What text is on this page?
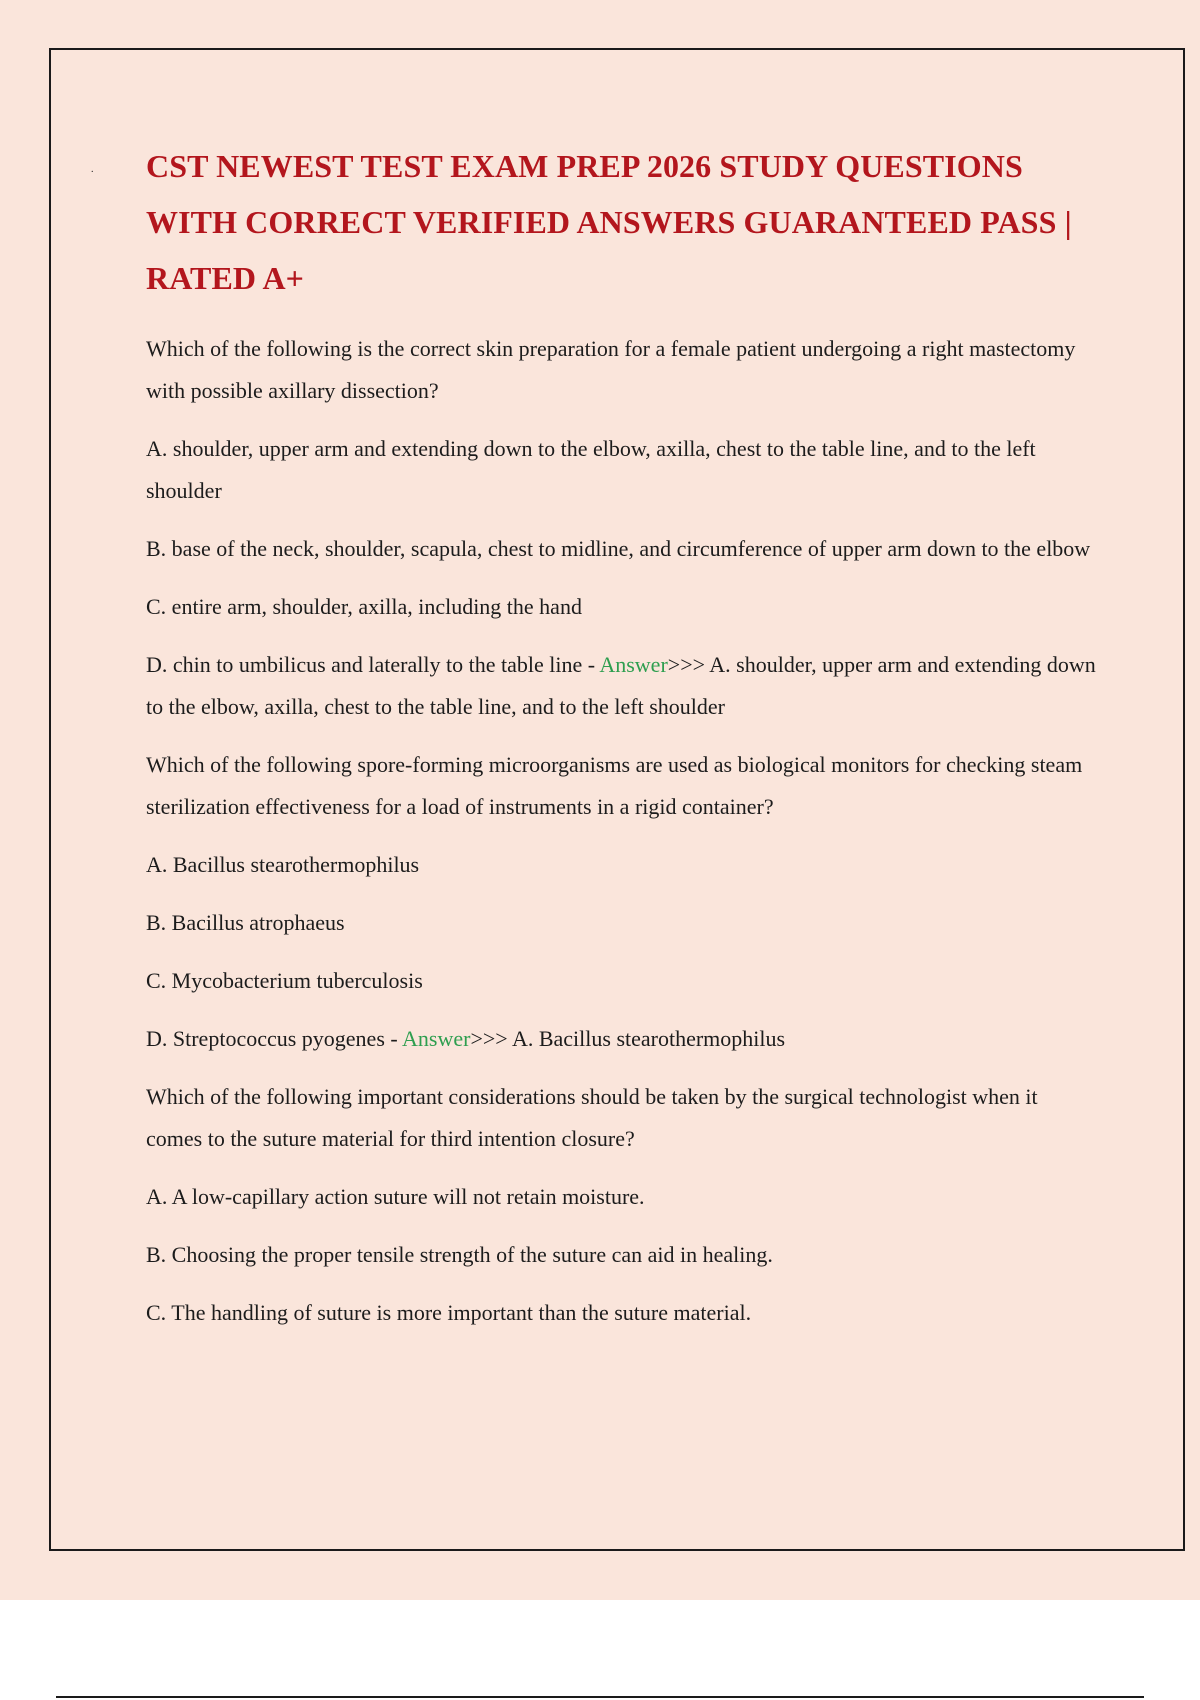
. CST NEWEST TEST EXAM PREP 2026 STUDY QUESTIONS WITH CORRECT VERIFIED ANSWERS GUARANTEED PASS | RATED A+

Which of the following is the correct skin preparation for a female patient undergoing a right mastectomy with possible axillary dissection?

A. shoulder, upper arm and extending down to the elbow, axilla, chest to the table line, and to the left shoulder

B. base of the neck, shoulder, scapula, chest to midline, and circumference of upper arm down to the elbow

C. entire arm, shoulder, axilla, including the hand

D. chin to umbilicus and laterally to the table line - Answer>>> A. shoulder, upper arm and extending down to the elbow, axilla, chest to the table line, and to the left shoulder

Which of the following spore-forming microorganisms are used as biological monitors for checking steam sterilization effectiveness for a load of instruments in a rigid container?

A. Bacillus stearothermophilus

B. Bacillus atrophaeus

C. Mycobacterium tuberculosis

D. Streptococcus pyogenes - Answer>>> A. Bacillus stearothermophilus

Which of the following important considerations should be taken by the surgical technologist when it comes to the suture material for third intention closure?

A. A low-capillary action suture will not retain moisture.

B. Choosing the proper tensile strength of the suture can aid in healing.

C. The handling of suture is more important than the suture material.
